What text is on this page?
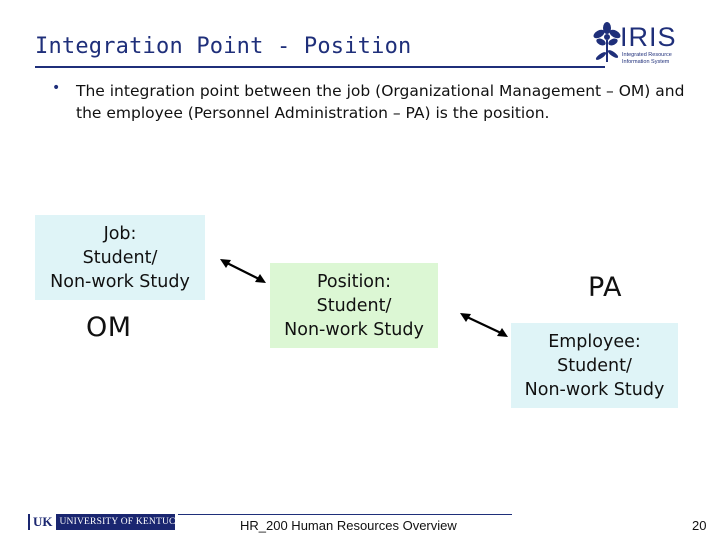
Integration Point - Position	IRIS
Integrated Resource
Information System
• The integration point between the job (Organizational Management – OM) and the employee (Personnel Administration – PA) is the position.
Job:
Student/
Non-work Study
OM
Position:
Student/
Non-work Study
PA
Employee:
Student/
Non-work Study
UK UNIVERSITY OF KENTUCKY	HR_200 Human Resources Overview	20
